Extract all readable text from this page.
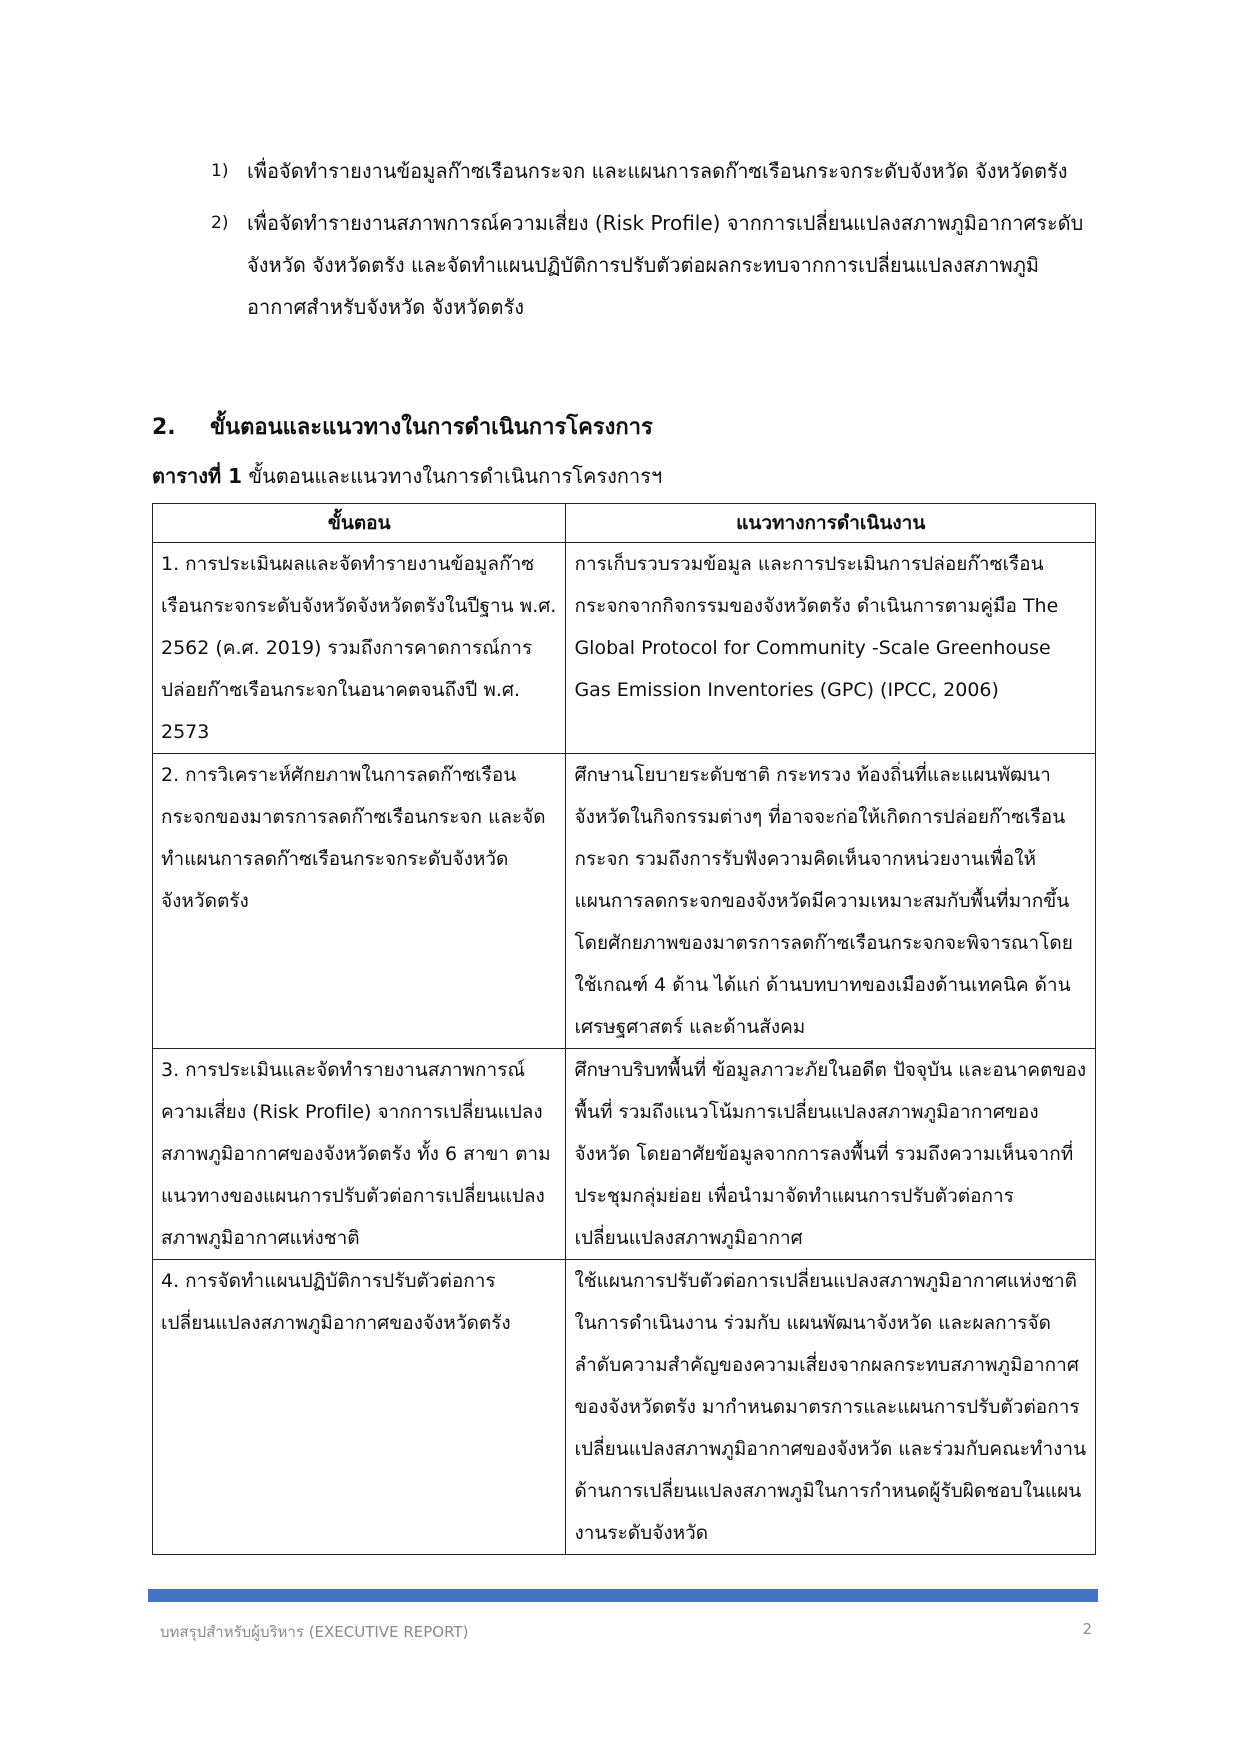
1) เพื่อจัดทำรายงานข้อมูลก๊าซเรือนกระจก และแผนการลดก๊าซเรือนกระจกระดับจังหวัด จังหวัดตรัง
2) เพื่อจัดทำรายงานสภาพการณ์ความเสี่ยง (Risk Profile) จากการเปลี่ยนแปลงสภาพภูมิอากาศระดับจังหวัด จังหวัดตรัง และจัดทำแผนปฏิบัติการปรับตัวต่อผลกระทบจากการเปลี่ยนแปลงสภาพภูมิอากาศสำหรับจังหวัด จังหวัดตรัง
2. ขั้นตอนและแนวทางในการดำเนินการโครงการ
ตารางที่ 1 ขั้นตอนและแนวทางในการดำเนินการโครงการฯ
ขั้นตอน	แนวทางการดำเนินงาน
1. การประเมินผลและจัดทำรายงานข้อมูลก๊าซเรือนกระจกระดับจังหวัดจังหวัดตรังในปีฐาน พ.ศ. 2562 (ค.ศ. 2019) รวมถึงการคาดการณ์การปล่อยก๊าซเรือนกระจกในอนาคตจนถึงปี พ.ศ. 2573	การเก็บรวบรวมข้อมูล และการประเมินการปล่อยก๊าซเรือนกระจกจากกิจกรรมของจังหวัดตรัง ดำเนินการตามคู่มือ The Global Protocol for Community -Scale Greenhouse Gas Emission Inventories (GPC) (IPCC, 2006)
2. การวิเคราะห์ศักยภาพในการลดก๊าซเรือนกระจกของมาตรการลดก๊าซเรือนกระจก และจัดทำแผนการลดก๊าซเรือนกระจกระดับจังหวัดจังหวัดตรัง	ศึกษานโยบายระดับชาติ กระทรวง ท้องถิ่นที่และแผนพัฒนาจังหวัดในกิจกรรมต่างๆ ที่อาจจะก่อให้เกิดการปล่อยก๊าซเรือนกระจก รวมถึงการรับฟังความคิดเห็นจากหน่วยงานเพื่อให้แผนการลดกระจกของจังหวัดมีความเหมาะสมกับพื้นที่มากขึ้น โดยศักยภาพของมาตรการลดก๊าซเรือนกระจกจะพิจารณาโดยใช้เกณฑ์ 4 ด้าน ได้แก่ ด้านบทบาทของเมืองด้านเทคนิค ด้านเศรษฐศาสตร์ และด้านสังคม
3. การประเมินและจัดทำรายงานสภาพการณ์ความเสี่ยง (Risk Profile) จากการเปลี่ยนแปลงสภาพภูมิอากาศของจังหวัดตรัง ทั้ง 6 สาขา ตามแนวทางของแผนการปรับตัวต่อการเปลี่ยนแปลงสภาพภูมิอากาศแห่งชาติ	ศึกษาบริบทพื้นที่ ข้อมูลภาวะภัยในอดีต ปัจจุบัน และอนาคตของพื้นที่ รวมถึงแนวโน้มการเปลี่ยนแปลงสภาพภูมิอากาศของจังหวัด โดยอาศัยข้อมูลจากการลงพื้นที่ รวมถึงความเห็นจากที่ประชุมกลุ่มย่อย เพื่อนำมาจัดทำแผนการปรับตัวต่อการเปลี่ยนแปลงสภาพภูมิอากาศ
4. การจัดทำแผนปฏิบัติการปรับตัวต่อการเปลี่ยนแปลงสภาพภูมิอากาศของจังหวัดตรัง	ใช้แผนการปรับตัวต่อการเปลี่ยนแปลงสภาพภูมิอากาศแห่งชาติในการดำเนินงาน ร่วมกับ แผนพัฒนาจังหวัด และผลการจัดลำดับความสำคัญของความเสี่ยงจากผลกระทบสภาพภูมิอากาศของจังหวัดตรัง มากำหนดมาตรการและแผนการปรับตัวต่อการเปลี่ยนแปลงสภาพภูมิอากาศของจังหวัด และร่วมกับคณะทำงานด้านการเปลี่ยนแปลงสภาพภูมิในการกำหนดผู้รับผิดชอบในแผนงานระดับจังหวัด
บทสรุปสำหรับผู้บริหาร (EXECUTIVE REPORT)	2
